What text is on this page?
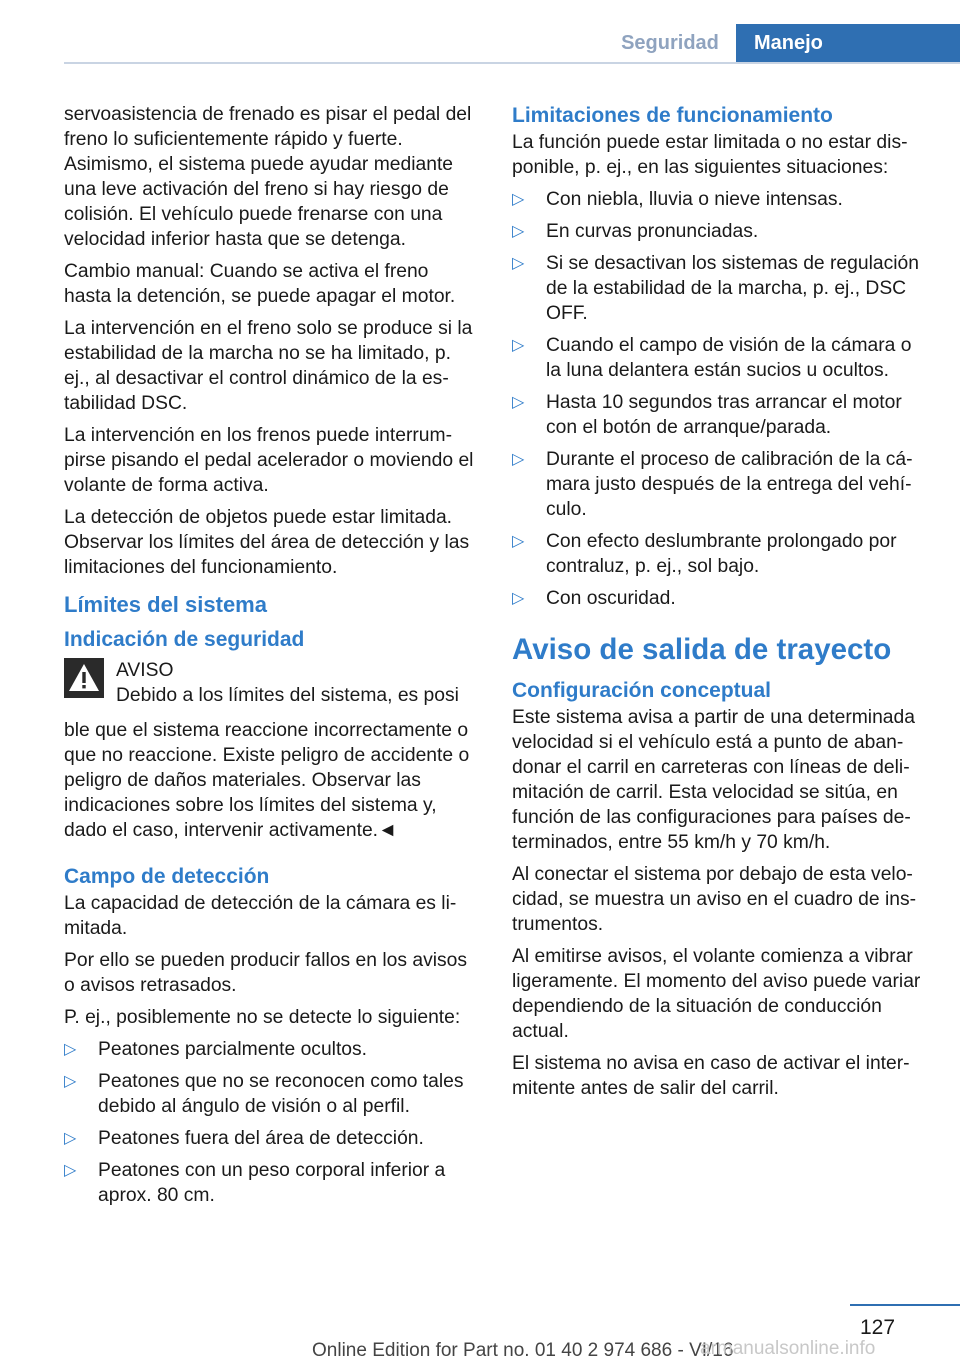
Seguridad	Manejo

servoasistencia de frenado es pisar el pedal del freno lo suficientemente rápido y fuerte. Asimismo, el sistema puede ayudar mediante una leve activación del freno si hay riesgo de colisión. El vehículo puede frenarse con una velocidad inferior hasta que se detenga.

Cambio manual: Cuando se activa el freno hasta la detención, se puede apagar el motor.

La intervención en el freno solo se produce si la estabilidad de la marcha no se ha limitado, p. ej., al desactivar el control dinámico de la estabilidad DSC.

La intervención en los frenos puede interrumpirse pisando el pedal acelerador o moviendo el volante de forma activa.

La detección de objetos puede estar limitada. Observar los límites del área de detección y las limitaciones del funcionamiento.

Límites del sistema
Indicación de seguridad
AVISO
Debido a los límites del sistema, es posi

ble que el sistema reaccione incorrectamente o que no reaccione. Existe peligro de accidente o peligro de daños materiales. Observar las indicaciones sobre los límites del sistema y, dado el caso, intervenir activamente.◄

Campo de detección

La capacidad de detección de la cámara es limitada.

Por ello se pueden producir fallos en los avisos o avisos retrasados.

P. ej., posiblemente no se detecte lo siguiente:

▷ Peatones parcialmente ocultos.
▷ Peatones que no se reconocen como tales debido al ángulo de visión o al perfil.
▷ Peatones fuera del área de detección.
▷ Peatones con un peso corporal inferior a aprox. 80 cm.
Limitaciones de funcionamiento

La función puede estar limitada o no estar disponible, p. ej., en las siguientes situaciones:

▷ Con niebla, lluvia o nieve intensas.
▷ En curvas pronunciadas.
▷ Si se desactivan los sistemas de regulación de la estabilidad de la marcha, p. ej., DSC OFF.
▷ Cuando el campo de visión de la cámara o la luna delantera están sucios u ocultos.
▷ Hasta 10 segundos tras arrancar el motor con el botón de arranque/parada.
▷ Durante el proceso de calibración de la cámara justo después de la entrega del vehículo.
▷ Con efecto deslumbrante prolongado por contraluz, p. ej., sol bajo.
▷ Con oscuridad.
Aviso de salida de trayecto
Configuración conceptual

Este sistema avisa a partir de una determinada velocidad si el vehículo está a punto de abandonar el carril en carreteras con líneas de delimitación de carril. Esta velocidad se sitúa, en función de las configuraciones para países determinados, entre 55 km/h y 70 km/h.

Al conectar el sistema por debajo de esta velocidad, se muestra un aviso en el cuadro de instrumentos.

Al emitirse avisos, el volante comienza a vibrar ligeramente. El momento del aviso puede variar dependiendo de la situación de conducción actual.

El sistema no avisa en caso de activar el intermitente antes de salir del carril.

127
Online Edition for Part no. 01 40 2 974 686 - VI/16
armanualsonline.info
